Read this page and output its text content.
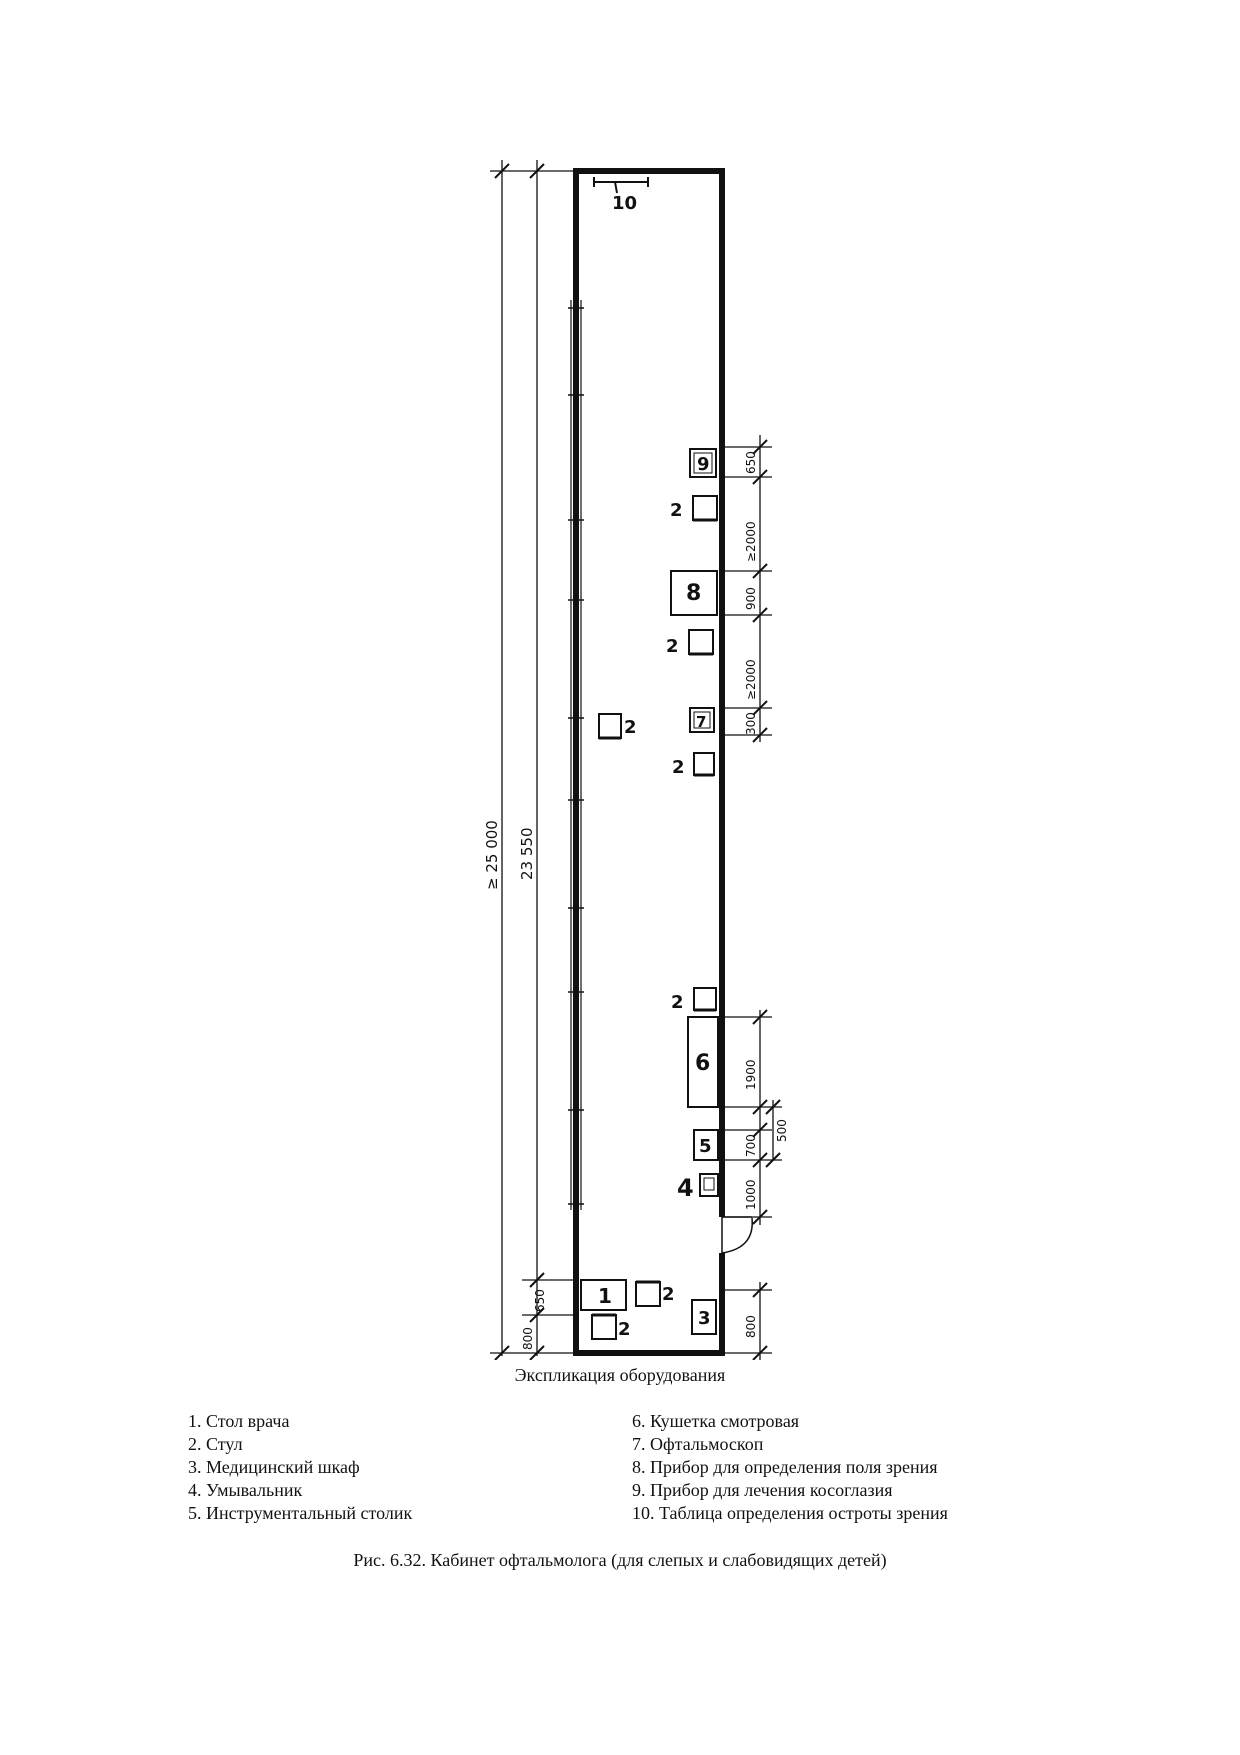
10
9
2
8
2
7
2
2
2
6
5
4
1	2
2
3
≥ 25 000 23 550
800
650
650
≥2000
900
≥2000
300
1900
500
700
1000
800
Экспликация оборудования
1. Стол врача
2. Стул
3. Медицинский шкаф
4. Умывальник
5. Инструментальный столик
6. Кушетка смотровая
7. Офтальмоскоп
8. Прибор для определения поля зрения
9. Прибор для лечения косоглазия
10. Таблица определения остроты зрения
Рис. 6.32. Кабинет офтальмолога (для слепых и слабовидящих детей)
